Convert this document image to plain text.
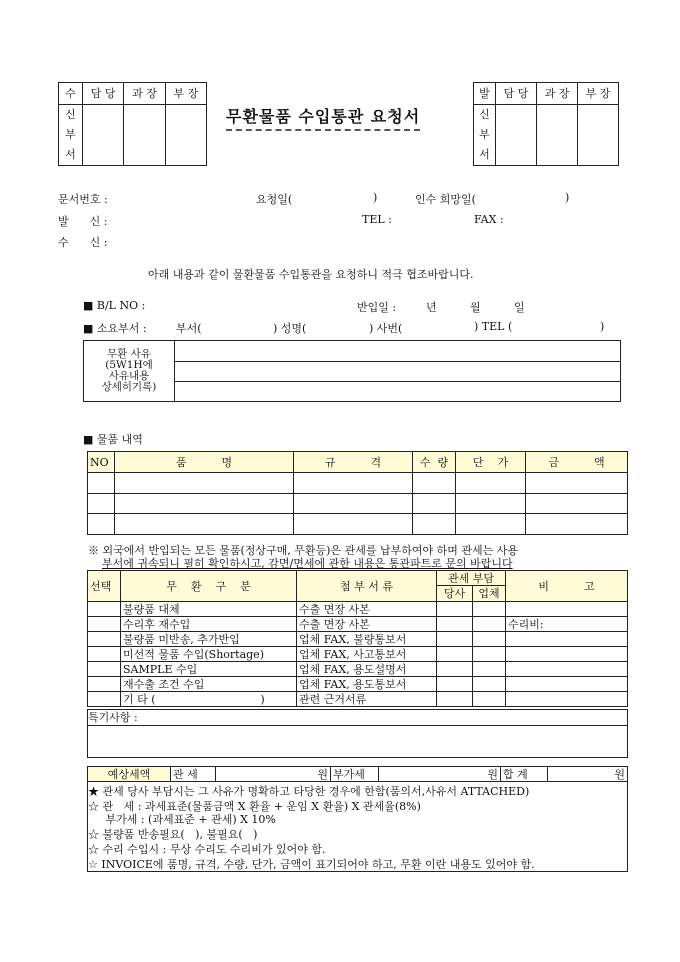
수	담 당	과 장	부 장
신
부
서			
무환물품 수입통관 요청서
발	담 당	과 장	부 장
신
부
서			
문서번호 :	요청일(	)	인수 희망일(	)
발      신 :	TEL :	FAX :
수      신 :
아래 내용과 같이 물환물품 수입통관을 요청하니 적극 협조바랍니다.
■ B/L NO :	반입일 :	년	월	일
■ 소요부서 :	부서(	) 성명(	) 사번(	) TEL (	)
무환 사유
(5W1H에
사유내용
상세히기록)	

■ 물품 내역
NO	품          명	규          격	수  량	단    가	금          액

※ 외국에서 반입되는 모든 물품(정상구매, 무환등)은 관세를 납부하여야 하며 관세는 사용
부서에 귀속되니 필히 확인하시고, 감면/면세에 관한 내용은 통관파트로 문의 바랍니다
선택	무    환    구    분	첨 부 서 류	관세 부담		비          고
			당사	업체	
	불량품 대체	수출 면장 사본			
	수리후 재수입	수출 면장 사본			수리비:
	불량품 미반송, 추가반입	업체 FAX, 불량통보서			
	미선적 물품 수입(Shortage)	업체 FAX, 사고통보서			
	SAMPLE 수입	업체 FAX, 용도설명서			
	재수출 조건 수입	업체 FAX, 용도통보서			
	기 타 (                              )	관련 근거서류			
특기사항 :
예상세액	관 세	원	부가세	원	합 계	원
★ 관세 당사 부담시는 그 사유가 명확하고 타당한 경우에 한함(품의서,사유서 ATTACHED)
☆ 관   세 : 과세표준(물품금액 X 환율 + 운임 X 환율) X 관세율(8%)
부가세 : (과세표준 + 관세) X 10%
☆ 불량품 반송필요(   ), 불필요(   )
☆ 수리 수입시 : 무상 수리도 수리비가 있어야 함.
☆ INVOICE에 품명, 규격, 수량, 단가, 금액이 표기되어야 하고, 무환 이란 내용도 있어야 함.
